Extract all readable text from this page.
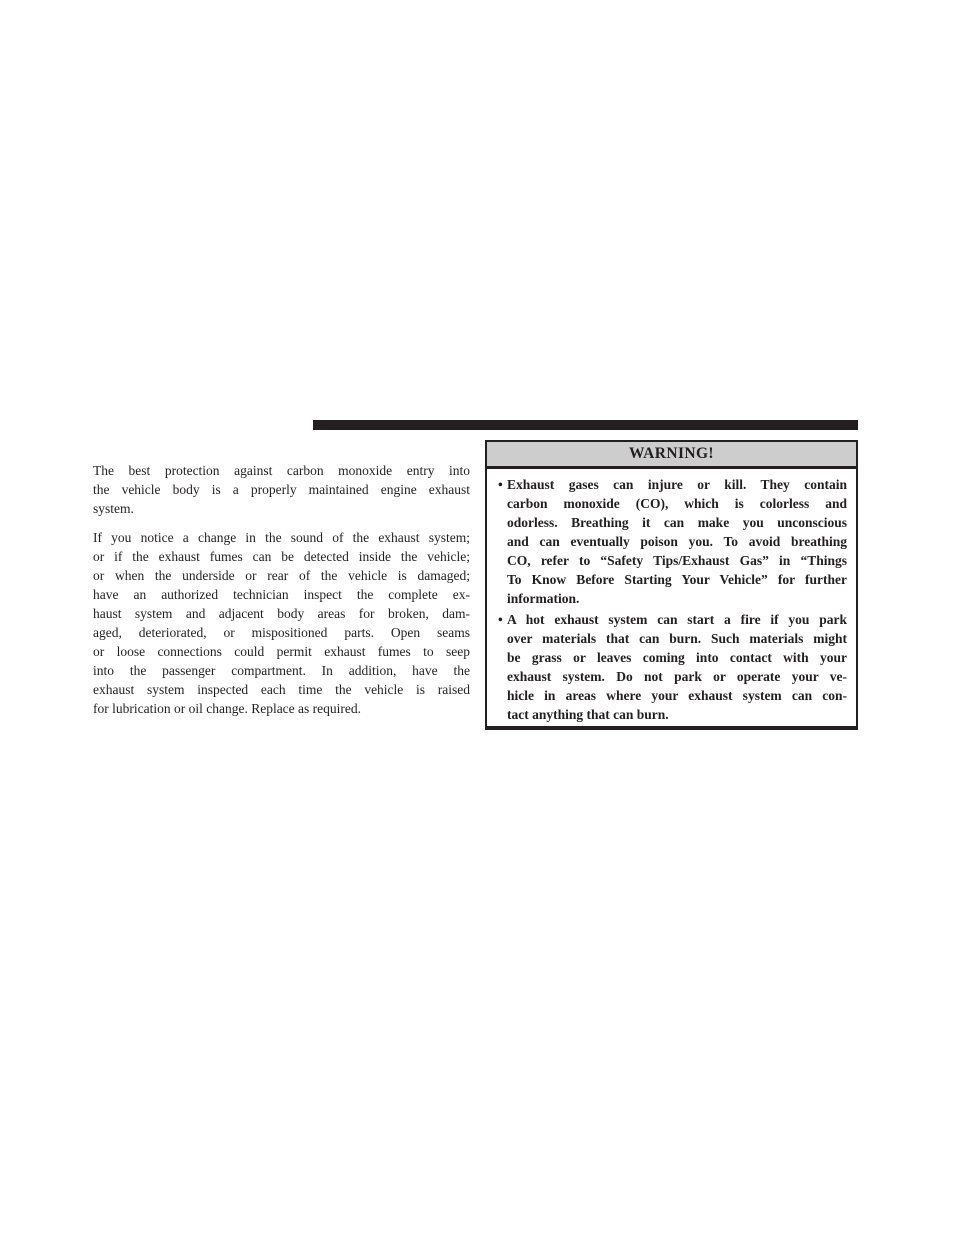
The best protection against carbon monoxide entry into
the vehicle body is a properly maintained engine exhaust
system.
If you notice a change in the sound of the exhaust system;
or if the exhaust fumes can be detected inside the vehicle;
or when the underside or rear of the vehicle is damaged;
have an authorized technician inspect the complete ex-
haust system and adjacent body areas for broken, dam-
aged, deteriorated, or mispositioned parts. Open seams
or loose connections could permit exhaust fumes to seep
into the passenger compartment. In addition, have the
exhaust system inspected each time the vehicle is raised
for lubrication or oil change. Replace as required.
WARNING!
• Exhaust gases can injure or kill. They contain
carbon monoxide (CO), which is colorless and
odorless. Breathing it can make you unconscious
and can eventually poison you. To avoid breathing
CO, refer to “Safety Tips/Exhaust Gas” in “Things
To Know Before Starting Your Vehicle” for further
information.
• A hot exhaust system can start a fire if you park
over materials that can burn. Such materials might
be grass or leaves coming into contact with your
exhaust system. Do not park or operate your ve-
hicle in areas where your exhaust system can con-
tact anything that can burn.
